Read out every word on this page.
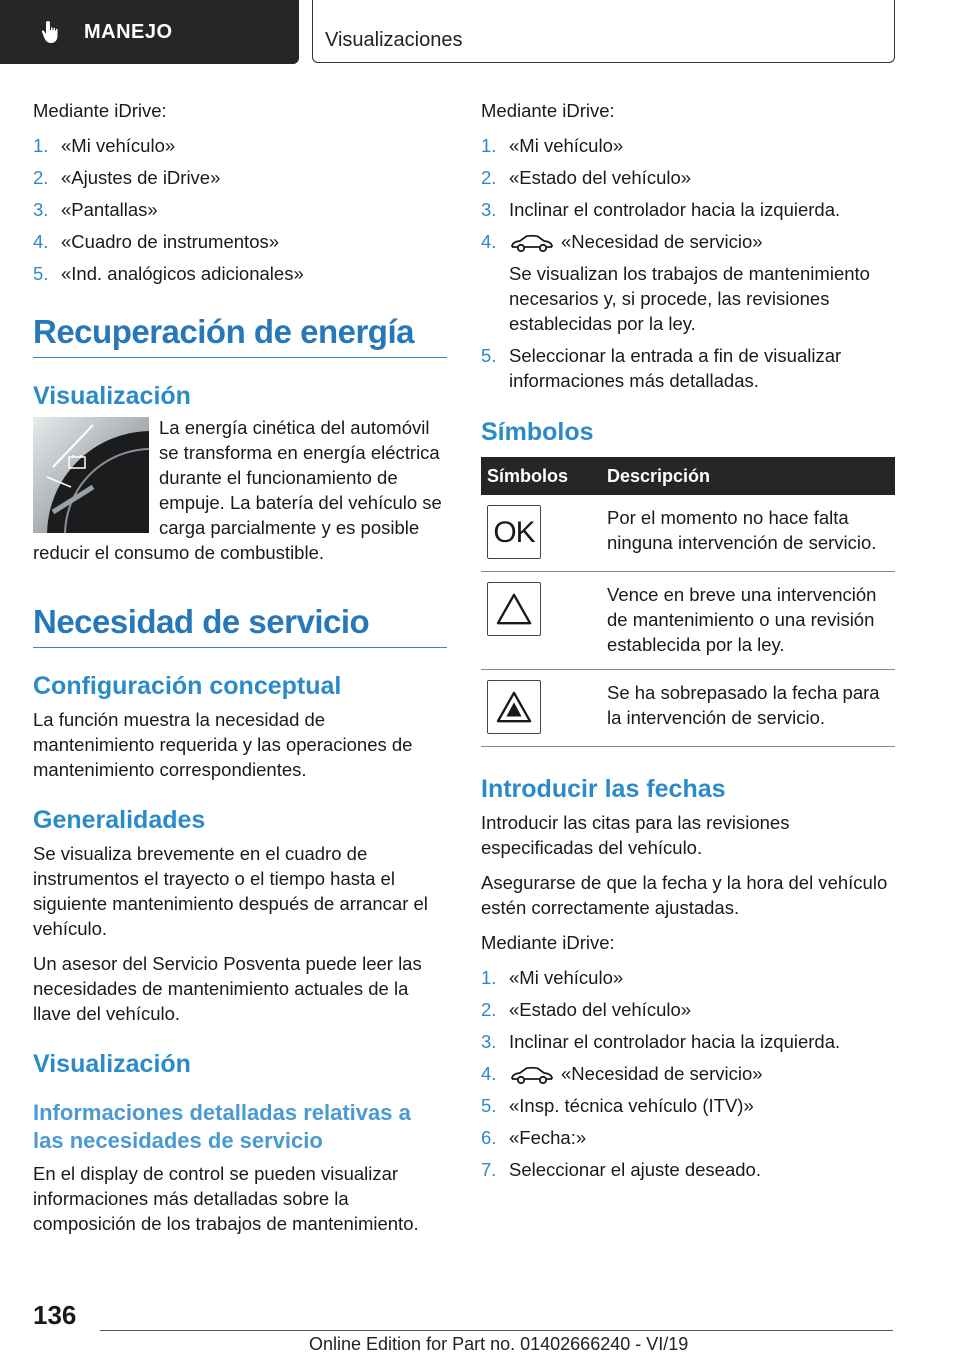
MANEJO	Visualizaciones

Mediante iDrive:

1. «Mi vehículo»
2. «Ajustes de iDrive»
3. «Pantallas»
4. «Cuadro de instrumentos»
5. «Ind. analógicos adicionales»
Recuperación de energía
Visualización

La energía cinética del automóvil se transforma en energía eléctrica durante el funcionamiento de empuje. La batería del vehículo se carga parcialmente y es posible reducir el consumo de combustible.

Necesidad de servicio
Configuración conceptual

La función muestra la necesidad de mantenimiento requerida y las operaciones de mantenimiento correspondientes.

Generalidades

Se visualiza brevemente en el cuadro de instrumentos el trayecto o el tiempo hasta el siguiente mantenimiento después de arrancar el vehículo.

Un asesor del Servicio Posventa puede leer las necesidades de mantenimiento actuales de la llave del vehículo.

Visualización
Informaciones detalladas relativas a las necesidades de servicio

En el display de control se pueden visualizar informaciones más detalladas sobre la composición de los trabajos de mantenimiento.

Mediante iDrive:

1. «Mi vehículo»
2. «Estado del vehículo»
3. Inclinar el controlador hacia la izquierda.
4.	«Necesidad de servicio»
Se visualizan los trabajos de mantenimiento necesarios y, si procede, las revisiones establecidas por la ley.
5. Seleccionar la entrada a fin de visualizar informaciones más detalladas.
Símbolos
Símbolos	Descripción

OK	Por el momento no hace falta ninguna intervención de servicio.

	Vence en breve una intervención de mantenimiento o una revisión establecida por la ley.

	Se ha sobrepasado la fecha para la intervención de servicio.
Introducir las fechas

Introducir las citas para las revisiones especificadas del vehículo.

Asegurarse de que la fecha y la hora del vehículo estén correctamente ajustadas.

Mediante iDrive:

1. «Mi vehículo»
2. «Estado del vehículo»
3. Inclinar el controlador hacia la izquierda.
4.	«Necesidad de servicio»
5. «Insp. técnica vehículo (ITV)»
6. «Fecha:»
7. Seleccionar el ajuste deseado.
136
Online Edition for Part no. 01402666240 - VI/19
